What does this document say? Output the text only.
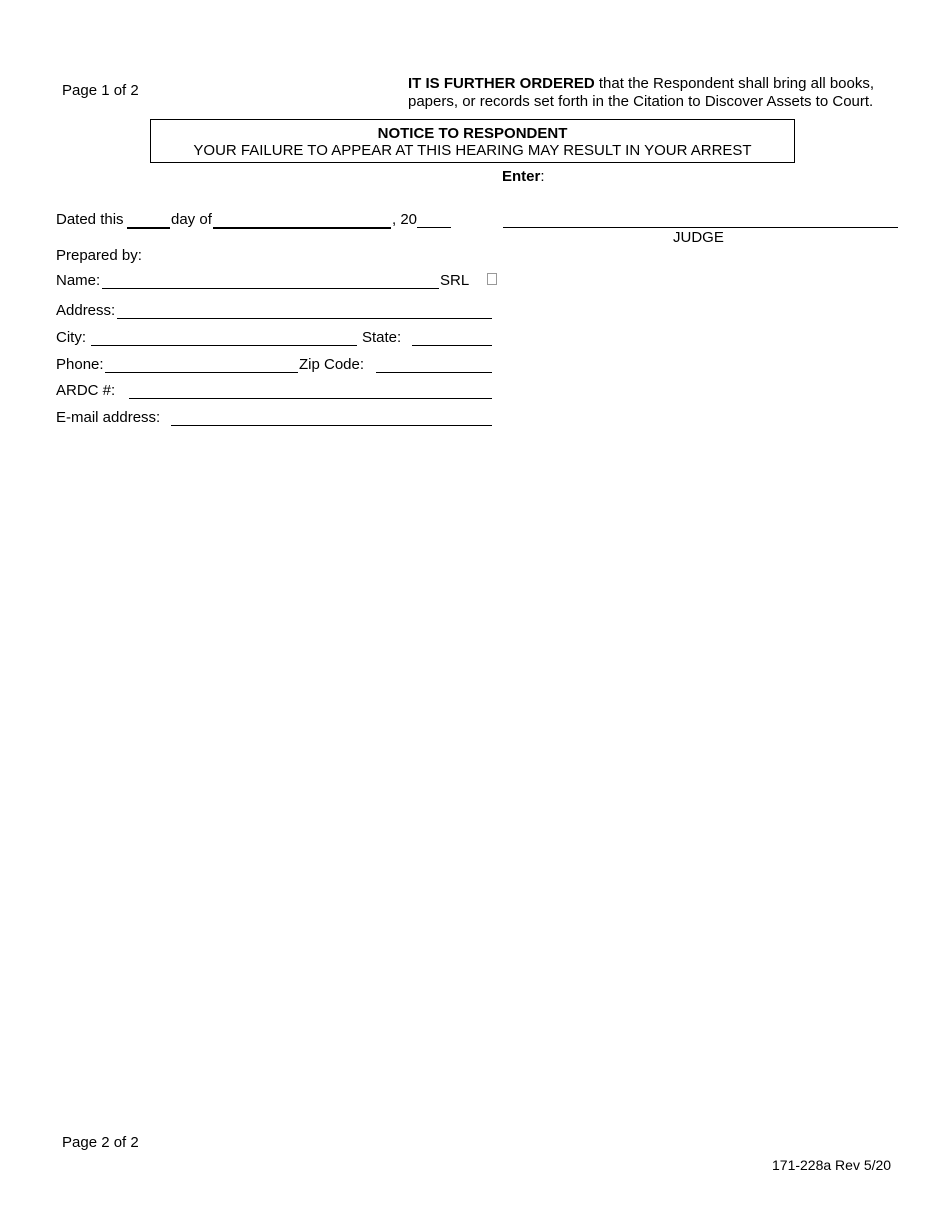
Page 1 of 2	IT IS FURTHER ORDERED that the Respondent shall bring all books,
papers, or records set forth in the Citation to Discover Assets to Court.
NOTICE TO RESPONDENT
YOUR FAILURE TO APPEAR AT THIS HEARING MAY RESULT IN YOUR ARREST
Enter:
Dated this	day of	, 20
JUDGE
Prepared by:
Name:	SRL
Address:
City:	State:
Phone:	Zip Code:
ARDC #:
E-mail address:
Page 2 of 2
171-228a Rev 5/20
